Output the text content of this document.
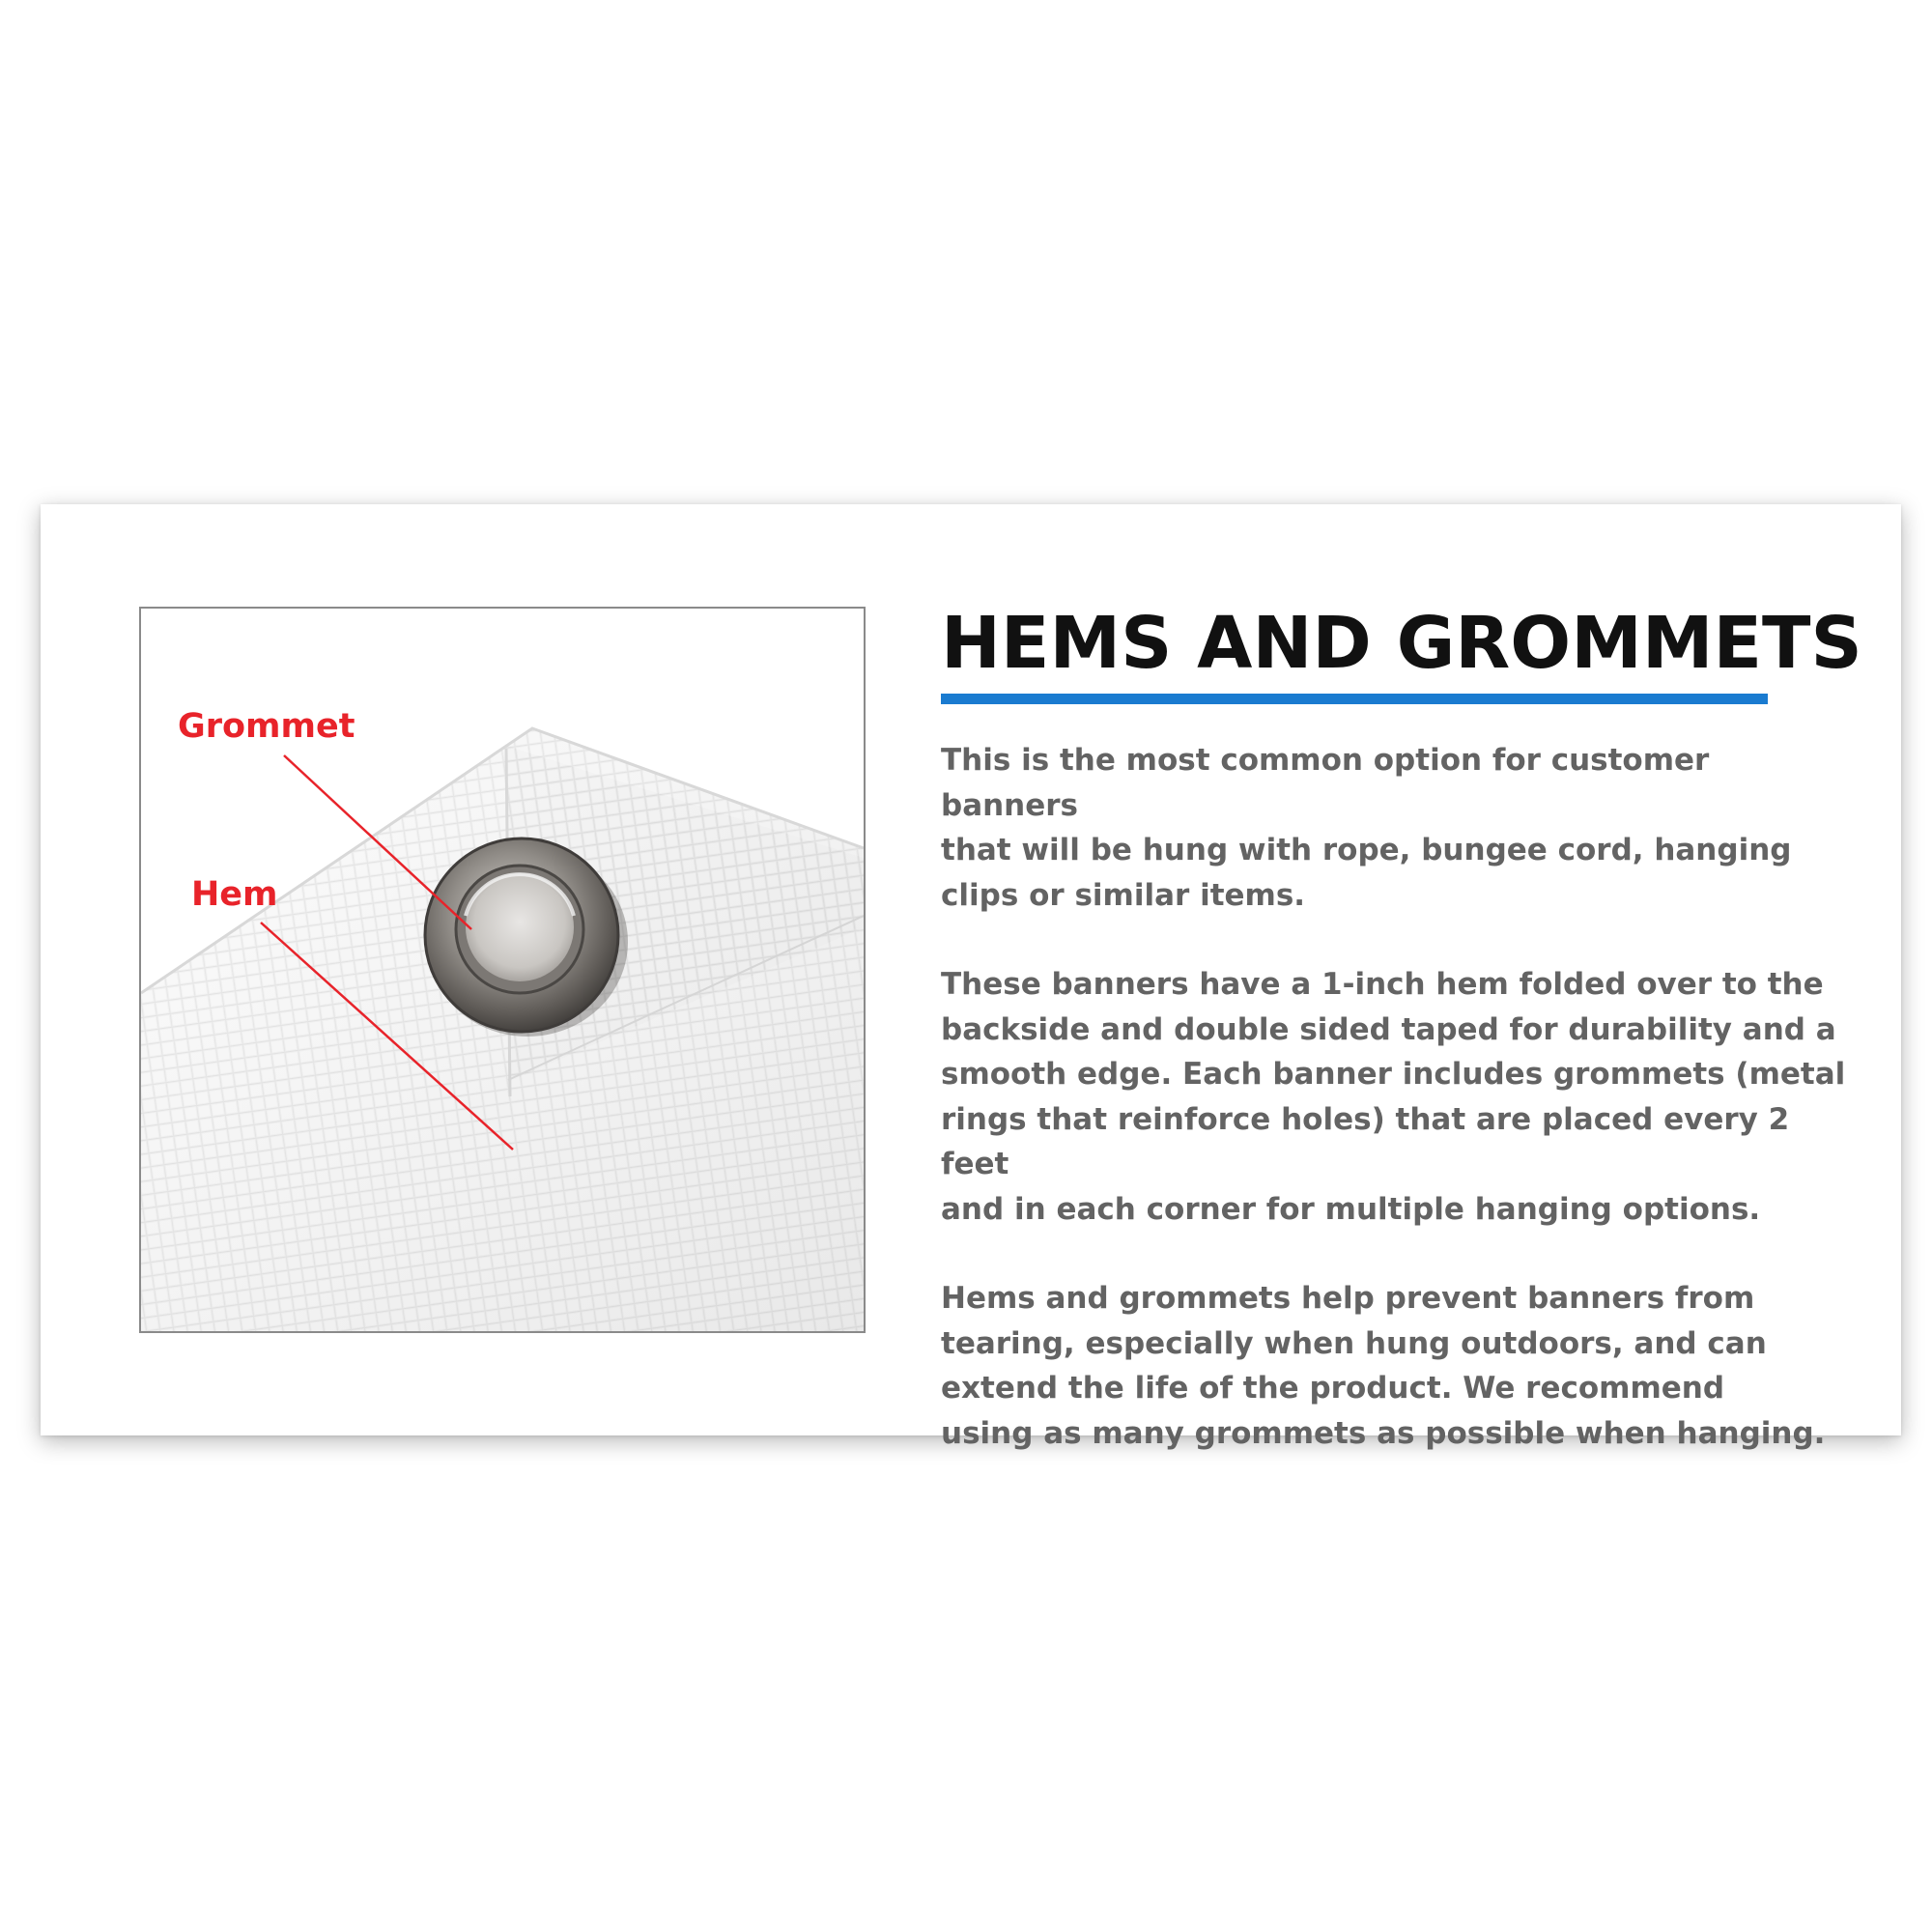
Grommet
Hem
HEMS AND GROMMETS

This is the most common option for customer banners
that will be hung with rope, bungee cord, hanging
clips or similar items.

These banners have a 1-inch hem folded over to the
backside and double sided taped for durability and a
smooth edge. Each banner includes grommets (metal
rings that reinforce holes) that are placed every 2 feet
and in each corner for multiple hanging options.

Hems and grommets help prevent banners from
tearing, especially when hung outdoors, and can
extend the life of the product. We recommend
using as many grommets as possible when hanging.
